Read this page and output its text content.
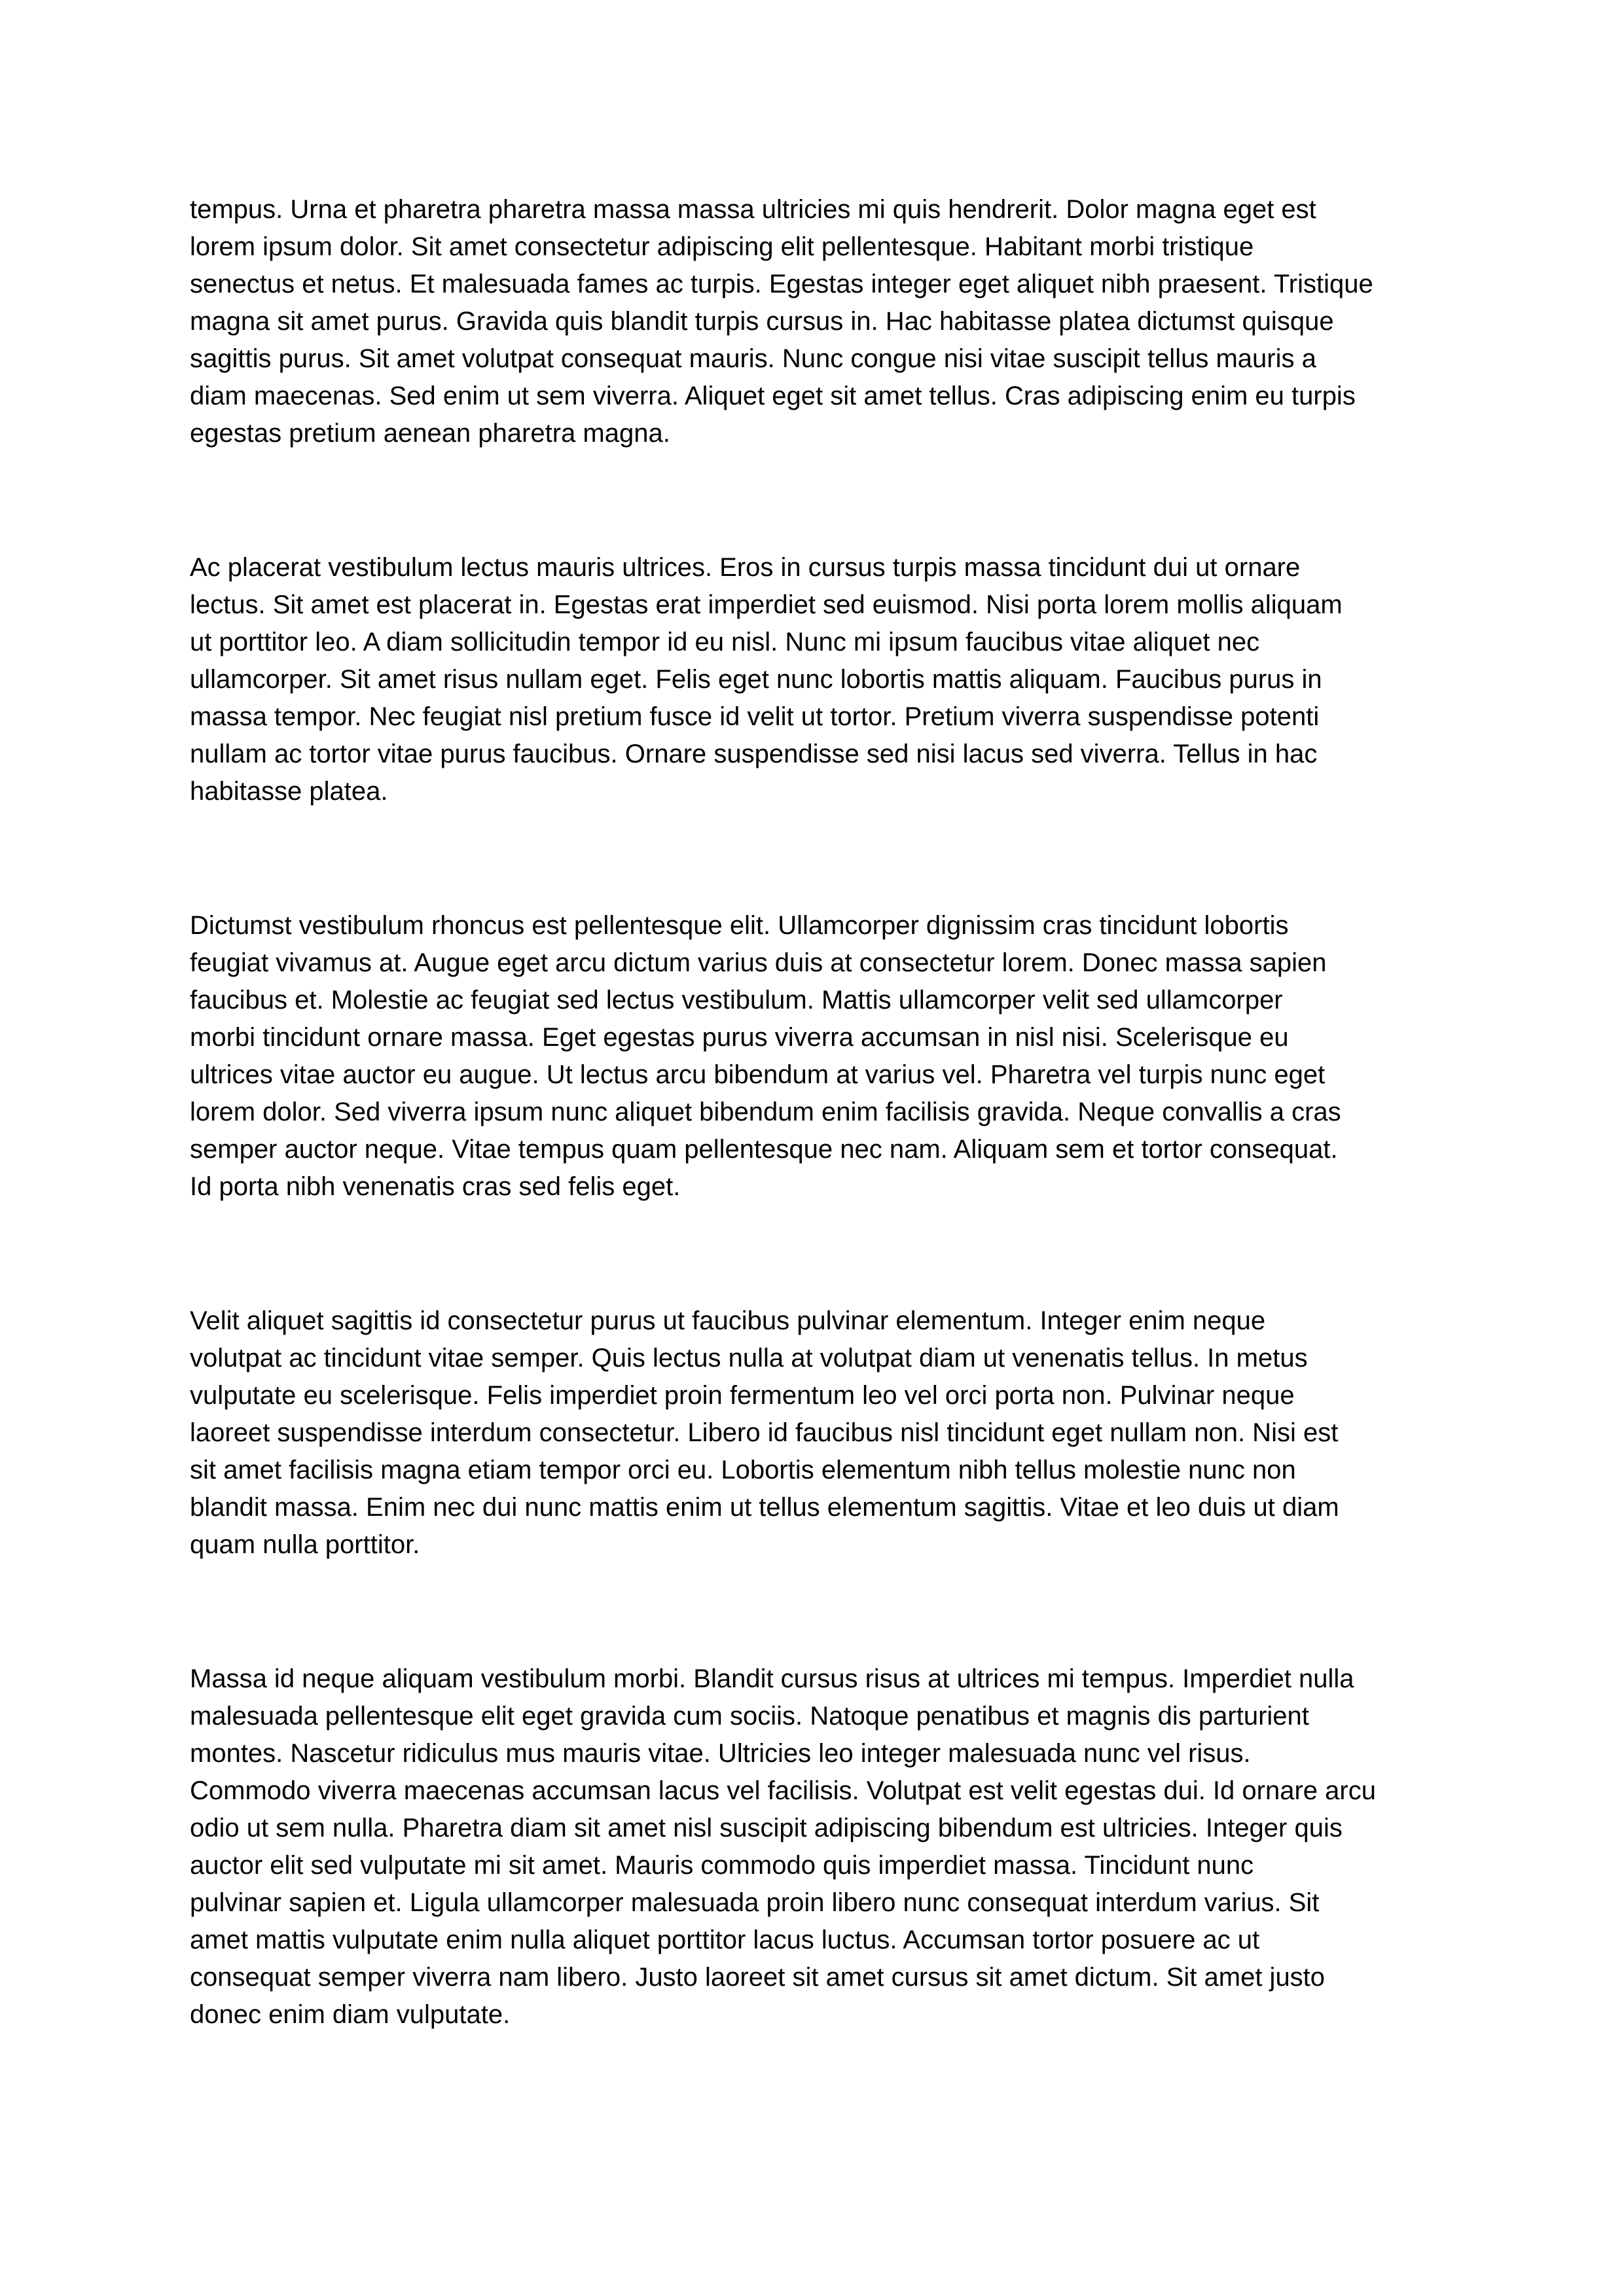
tempus. Urna et pharetra pharetra massa massa ultricies mi quis hendrerit. Dolor magna eget est
lorem ipsum dolor. Sit amet consectetur adipiscing elit pellentesque. Habitant morbi tristique
senectus et netus. Et malesuada fames ac turpis. Egestas integer eget aliquet nibh praesent. Tristique
magna sit amet purus. Gravida quis blandit turpis cursus in. Hac habitasse platea dictumst quisque
sagittis purus. Sit amet volutpat consequat mauris. Nunc congue nisi vitae suscipit tellus mauris a
diam maecenas. Sed enim ut sem viverra. Aliquet eget sit amet tellus. Cras adipiscing enim eu turpis
egestas pretium aenean pharetra magna.

Ac placerat vestibulum lectus mauris ultrices. Eros in cursus turpis massa tincidunt dui ut ornare
lectus. Sit amet est placerat in. Egestas erat imperdiet sed euismod. Nisi porta lorem mollis aliquam
ut porttitor leo. A diam sollicitudin tempor id eu nisl. Nunc mi ipsum faucibus vitae aliquet nec
ullamcorper. Sit amet risus nullam eget. Felis eget nunc lobortis mattis aliquam. Faucibus purus in
massa tempor. Nec feugiat nisl pretium fusce id velit ut tortor. Pretium viverra suspendisse potenti
nullam ac tortor vitae purus faucibus. Ornare suspendisse sed nisi lacus sed viverra. Tellus in hac
habitasse platea.

Dictumst vestibulum rhoncus est pellentesque elit. Ullamcorper dignissim cras tincidunt lobortis
feugiat vivamus at. Augue eget arcu dictum varius duis at consectetur lorem. Donec massa sapien
faucibus et. Molestie ac feugiat sed lectus vestibulum. Mattis ullamcorper velit sed ullamcorper
morbi tincidunt ornare massa. Eget egestas purus viverra accumsan in nisl nisi. Scelerisque eu
ultrices vitae auctor eu augue. Ut lectus arcu bibendum at varius vel. Pharetra vel turpis nunc eget
lorem dolor. Sed viverra ipsum nunc aliquet bibendum enim facilisis gravida. Neque convallis a cras
semper auctor neque. Vitae tempus quam pellentesque nec nam. Aliquam sem et tortor consequat.
Id porta nibh venenatis cras sed felis eget.

Velit aliquet sagittis id consectetur purus ut faucibus pulvinar elementum. Integer enim neque
volutpat ac tincidunt vitae semper. Quis lectus nulla at volutpat diam ut venenatis tellus. In metus
vulputate eu scelerisque. Felis imperdiet proin fermentum leo vel orci porta non. Pulvinar neque
laoreet suspendisse interdum consectetur. Libero id faucibus nisl tincidunt eget nullam non. Nisi est
sit amet facilisis magna etiam tempor orci eu. Lobortis elementum nibh tellus molestie nunc non
blandit massa. Enim nec dui nunc mattis enim ut tellus elementum sagittis. Vitae et leo duis ut diam
quam nulla porttitor.

Massa id neque aliquam vestibulum morbi. Blandit cursus risus at ultrices mi tempus. Imperdiet nulla
malesuada pellentesque elit eget gravida cum sociis. Natoque penatibus et magnis dis parturient
montes. Nascetur ridiculus mus mauris vitae. Ultricies leo integer malesuada nunc vel risus.
Commodo viverra maecenas accumsan lacus vel facilisis. Volutpat est velit egestas dui. Id ornare arcu
odio ut sem nulla. Pharetra diam sit amet nisl suscipit adipiscing bibendum est ultricies. Integer quis
auctor elit sed vulputate mi sit amet. Mauris commodo quis imperdiet massa. Tincidunt nunc
pulvinar sapien et. Ligula ullamcorper malesuada proin libero nunc consequat interdum varius. Sit
amet mattis vulputate enim nulla aliquet porttitor lacus luctus. Accumsan tortor posuere ac ut
consequat semper viverra nam libero. Justo laoreet sit amet cursus sit amet dictum. Sit amet justo
donec enim diam vulputate.
